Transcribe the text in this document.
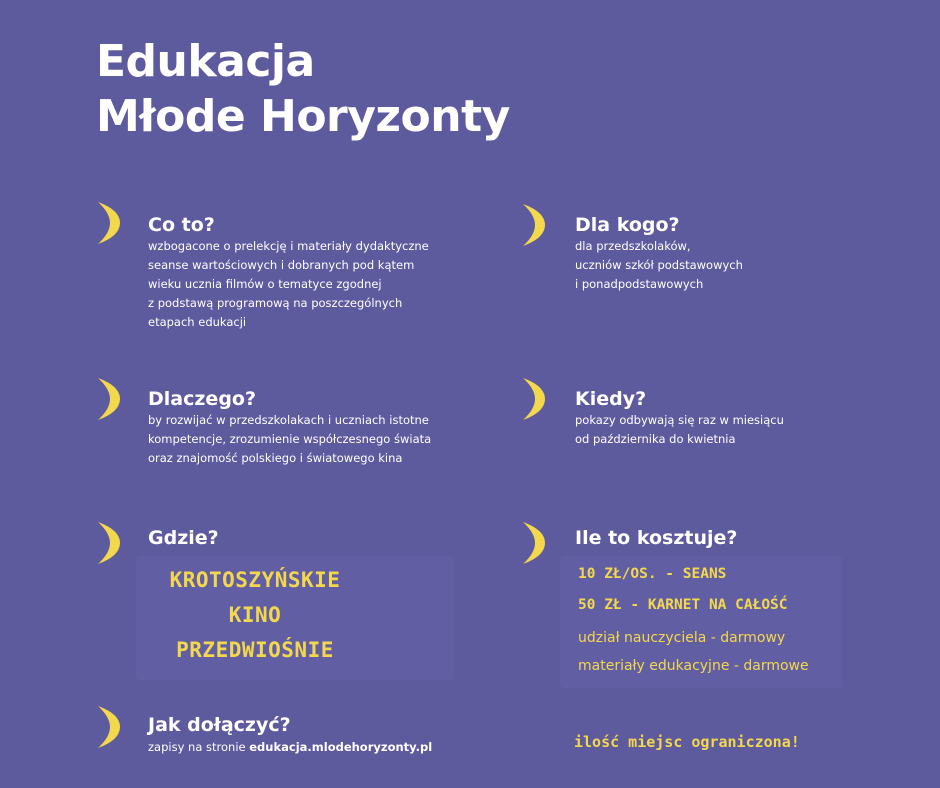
Edukacja
Młode Horyzonty
Co to?
wzbogacone o prelekcję i materiały dydaktyczne
seanse wartościowych i dobranych pod kątem
wieku ucznia filmów o tematyce zgodnej
z podstawą programową na poszczególnych
etapach edukacji
Dla kogo?
dla przedszkolaków,
uczniów szkół podstawowych
i ponadpodstawowych
Dlaczego?
by rozwijać w przedszkolakach i uczniach istotne
kompetencje, zrozumienie współczesnego świata
oraz znajomość polskiego i światowego kina
Kiedy?
pokazy odbywają się raz w miesiącu
od października do kwietnia
Gdzie?
KROTOSZYŃSKIE
KINO
PRZEDWIOŚNIE
Ile to kosztuje?
10 ZŁ/OS. - SEANS
50 ZŁ - KARNET NA CAŁOŚĆ
udział nauczyciela - darmowy
materiały edukacyjne - darmowe
Jak dołączyć?
zapisy na stronie edukacja.mlodehoryzonty.pl	ilość miejsc ograniczona!
